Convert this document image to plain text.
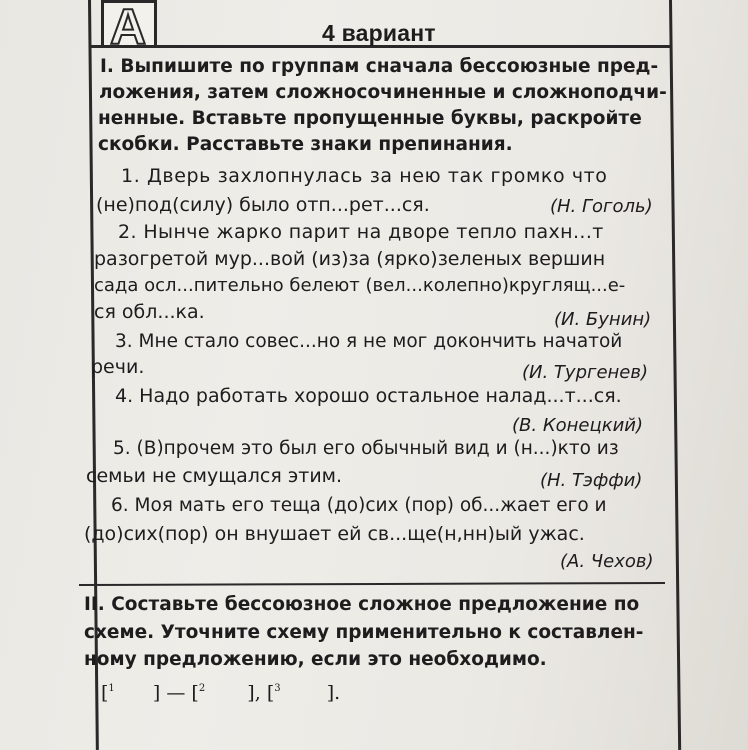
А	4 вариант
I. Выпишите по группам сначала бессоюзные пред-
ложения, затем сложносочиненные и сложноподчи-
ненные. Вставьте пропущенные буквы, раскройте
скобки. Расставьте знаки препинания.
1. Дверь захлопнулась за нею так громко что
(не)под(силу) было отп...рет...ся.	(Н. Гоголь)
2. Нынче жарко парит на дворе тепло пахн...т
разогретой мур...вой (из)за (ярко)зеленых вершин
сада осл...пительно белеют (вел...колепно)круглящ...е-
ся обл...ка.	(И. Бунин)
3. Мне стало совес...но я не мог докончить начатой
речи.	(И. Тургенев)
4. Надо работать хорошо остальное налад...т...ся.
(В. Конецкий)
5. (В)прочем это был его обычный вид и (н...)кто из
семьи не смущался этим.	(Н. Тэффи)
6. Моя мать его теща (до)сих (пор) об...жает его и
(до)сих(пор) он внушает ей св...ще(н,нн)ый ужас.
(А. Чехов)
II. Составьте бессоюзное сложное предложение по
схеме. Уточните схему применительно к составлен-
ному предложению, если это необходимо.
[$^1$ ] — [$^2$ ], [$^3$ ].
